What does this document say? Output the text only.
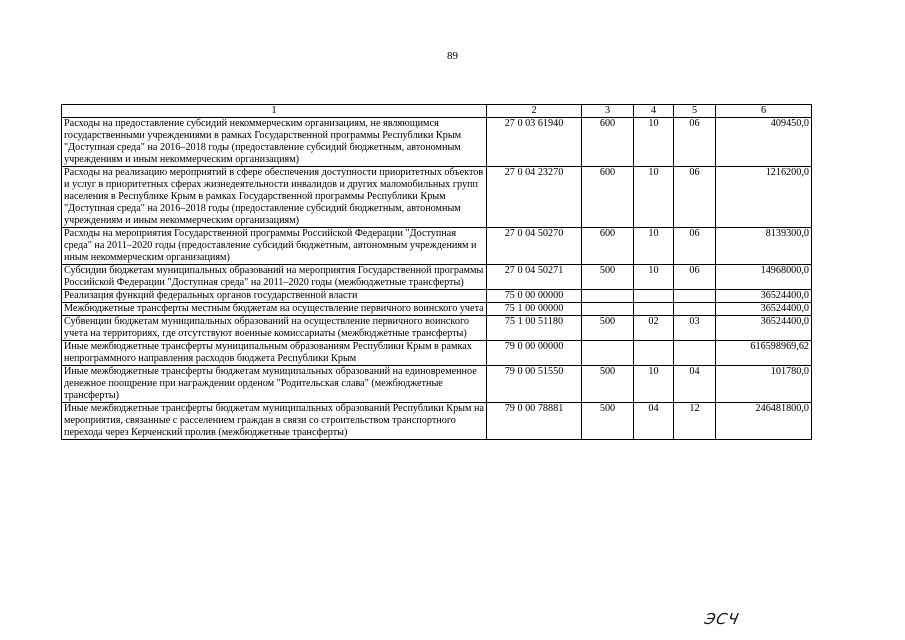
89
1	2	3	4	5	6
Расходы на предоставление субсидий некоммерческим организациям, не являющимся государственными учреждениями в рамках Государственной программы Республики Крым "Доступная среда" на 2016–2018 годы (предоставление субсидий бюджетным, автономным учреждениям и иным некоммерческим организациям)	27 0 03 61940	600	10	06	409450,0
Расходы на реализацию мероприятий в сфере обеспечения доступности приоритетных объектов и услуг в приоритетных сферах жизнедеятельности инвалидов и других маломобильных групп населения в Республике Крым в рамках Государственной программы Республики Крым "Доступная среда" на 2016–2018 годы (предоставление субсидий бюджетным, автономным учреждениям и иным некоммерческим организациям)	27 0 04 23270	600	10	06	1216200,0
Расходы на мероприятия Государственной программы Российской Федерации "Доступная среда" на 2011–2020 годы (предоставление субсидий бюджетным, автономным учреждениям и иным некоммерческим организациям)	27 0 04 50270	600	10	06	8139300,0
Субсидии бюджетам муниципальных образований на мероприятия Государственной программы Российской Федерации "Доступная среда" на 2011–2020 годы (межбюджетные трансферты)	27 0 04 50271	500	10	06	14968000,0
Реализация функций федеральных органов государственной власти	75 0 00 00000				36524400,0
Межбюджетные трансферты местным бюджетам на осуществление первичного воинского учета	75 1 00 00000				36524400,0
Субвенции бюджетам муниципальных образований на осуществление первичного воинского учета на территориях, где отсутствуют военные комиссариаты (межбюджетные трансферты)	75 1 00 51180	500	02	03	36524400,0
Иные межбюджетные трансферты муниципальным образованиям Республики Крым в рамках непрограммного направления расходов бюджета Республики Крым	79 0 00 00000				616598969,62
Иные межбюджетные трансферты бюджетам муниципальных образований на единовременное денежное поощрение при награждении орденом "Родительская слава" (межбюджетные трансферты)	79 0 00 51550	500	10	04	101780,0
Иные межбюджетные трансферты бюджетам муниципальных образований Республики Крым на мероприятия, связанные с расселением граждан в связи со строительством транспортного перехода через Керченский пролив (межбюджетные трансферты)	79 0 00 78881	500	04	12	246481800,0
ЭСЧ
